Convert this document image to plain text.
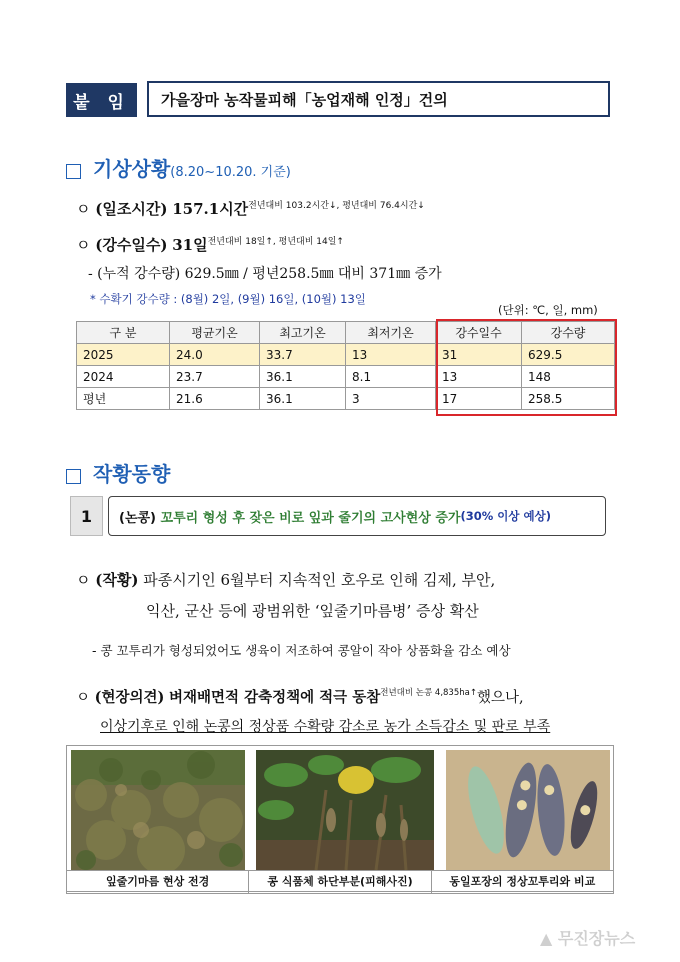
붙 임	가을장마 농작물피해「농업재해 인정」건의
기상상황(8.20~10.20. 기준)
ㅇ (일조시간) 157.1시간$^{전년대비 103.2시간↓, 평년대비 76.4시간↓}$
ㅇ (강수일수) 31일$^{전년대비 18일↑, 평년대비 14일↑}$
- (누적 강수량) 629.5㎜ / 평년258.5㎜ 대비 371㎜ 증가
* 수확기 강수량 : (8월) 2일, (9월) 16일, (10월) 13일
(단위: ℃, 일, mm)
구 분	평균기온	최고기온	최저기온	강수일수	강수량
2025	24.0	33.7	13	31	629.5
2024	23.7	36.1	8.1	13	148
평년	21.6	36.1	3	17	258.5
작황동향
1	(논콩)
꼬투리 형성 후 잦은 비로 잎과 줄기의 고사현상 증가 (30% 이상 예상)
ㅇ (작황) 파종시기인 6월부터 지속적인 호우로 인해 김제, 부안,
익산, 군산 등에 광범위한 ‘잎줄기마름병’ 증상 확산
- 콩 꼬투리가 형성되었어도 생육이 저조하여 콩알이 작아 상품화율 감소 예상
ㅇ (현장의견) 벼재배면적 감축정책에 적극 동참$^{전년대비 논콩 4,835ha↑}$했으나,
이상기후로 인해 논콩의 정상품 수확량 감소로 농가 소득감소 및 판로 부족
잎줄기마름 현상 전경	콩 식품체 하단부분(피해사진)	동일포장의 정상꼬투리와 비교
▲ 무진장뉴스
